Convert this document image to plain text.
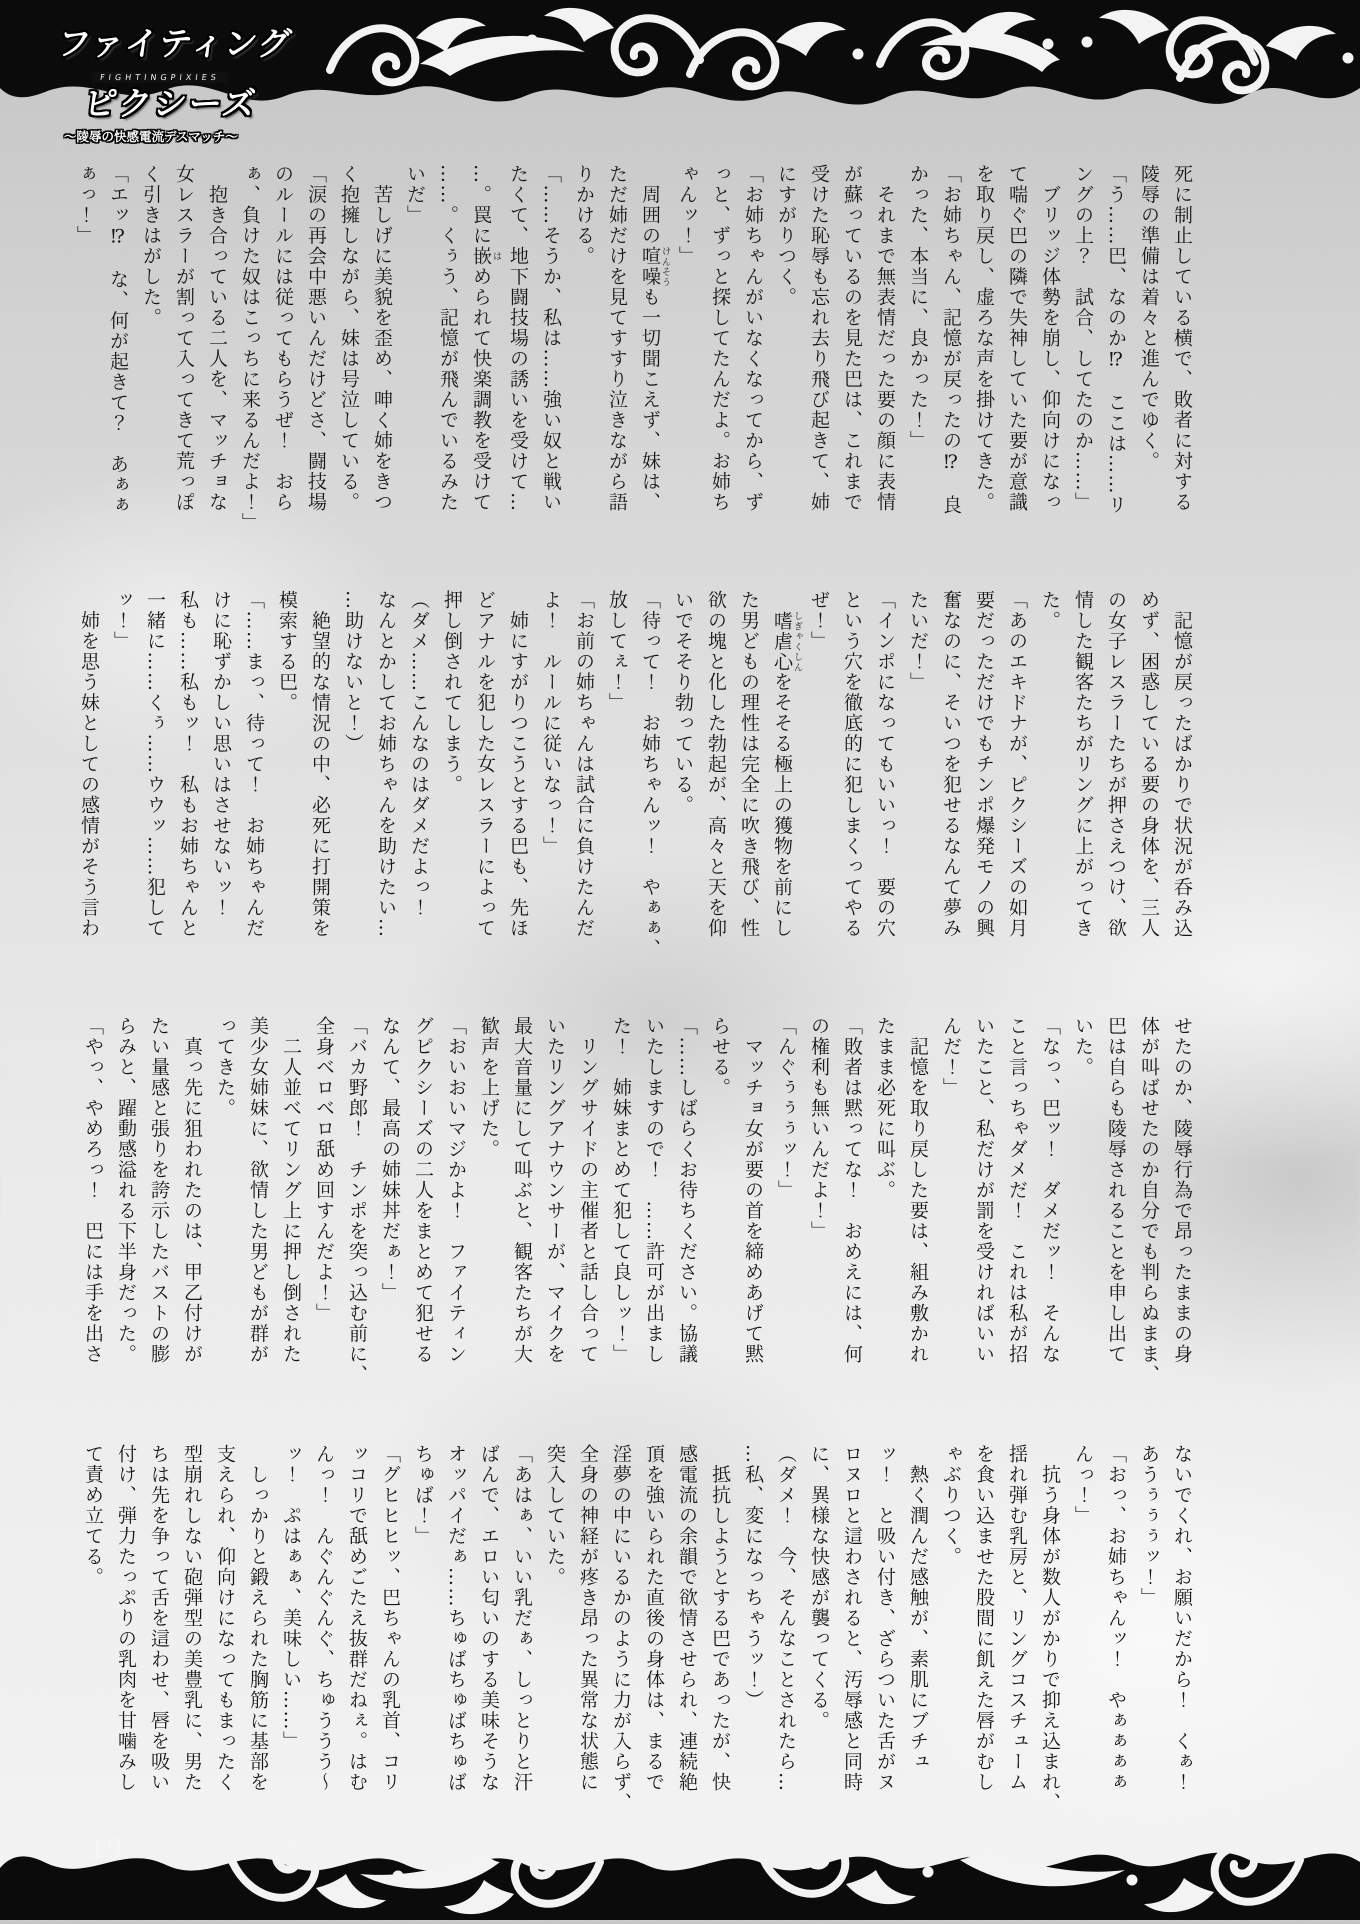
ファイティング
FIGHTINGPIXIES
ピクシーズ
～陵辱の快感電流デスマッチ～
死に制止している横で、敗者に対する
陵辱の準備は着々と進んでゆく。
「う……巴、なのか⁉　ここは……リ
ングの上？　試合、してたのか……」
　ブリッジ体勢を崩し、仰向けになっ
て喘ぐ巴の隣で失神していた要が意識
を取り戻し、虚ろな声を掛けてきた。
「お姉ちゃん、記憶が戻ったの⁉　良
かった、本当に、良かった！」
　それまで無表情だった要の顔に表情
が蘇っているのを見た巴は、これまで
受けた恥辱も忘れ去り飛び起きて、姉
にすがりつく。
「お姉ちゃんがいなくなってから、ず
っと、ずっと探してたんだよ。お姉ち
ゃんッ！」
　周囲の喧噪 けんそうも一切聞こえず、妹は、
ただ姉だけを見てすすり泣きながら語
りかける。
「……そうか、私は……強い奴と戦い
たくて、地下闘技場の誘いを受けて…
…。罠に嵌 はめられて快楽調教を受けて
……。くぅう、記憶が飛んでいるみた
いだ」
　苦しげに美貌を歪め、呻く姉をきつ
く抱擁しながら、妹は号泣している。
「涙の再会中悪いんだけどさ、闘技場
のルールには従ってもらうぜ！　おら
ぁ、負けた奴はこっちに来るんだよ！」
　抱き合っている二人を、マッチョな
女レスラーが割って入ってきて荒っぽ
く引きはがした。
「エッ⁉　な、何が起きて？　あぁぁ
ぁっ！」
　記憶が戻ったばかりで状況が呑み込
めず、困惑している要の身体を、三人
の女子レスラーたちが押さえつけ、欲
情した観客たちがリングに上がってき
た。
「あのエキドナが、ピクシーズの如月
要だっただけでもチンポ爆発モノの興
奮なのに、そいつを犯せるなんて夢み
たいだ！」
「インポになってもいいっ！　要の穴
という穴を徹底的に犯しまくってやる
ぜ！」
　嗜虐心 しぎゃくしんをそそる極上の獲物を前にし
た男どもの理性は完全に吹き飛び、性
欲の塊と化した勃起が、高々と天を仰
いでそそり勃っている。
「待って！　お姉ちゃんッ！　やぁぁ、
放してぇ！」
「お前の姉ちゃんは試合に負けたんだ
よ！　ルールに従いなっ！」
　姉にすがりつこうとする巴も、先ほ
どアナルを犯した女レスラーによって
押し倒されてしまう。
（ダメ……こんなのはダメだよっ！
なんとかしてお姉ちゃんを助けたい…
…助けないと！）
　絶望的な情況の中、必死に打開策を
模索する巴。
「……まっ、待って！　お姉ちゃんだ
けに恥ずかしい思いはさせないッ！
私も……私もッ！　私もお姉ちゃんと
一緒に……くぅ……ウウッ……犯して
ッ！」
　姉を思う妹としての感情がそう言わ
せたのか、陵辱行為で昂ったままの身
体が叫ばせたのか自分でも判らぬまま、
巴は自らも陵辱されることを申し出て
いた。
「なっ、巴ッ！　ダメだッ！　そんな
こと言っちゃダメだ！　これは私が招
いたこと、私だけが罰を受ければいい
んだ！」
　記憶を取り戻した要は、組み敷かれ
たまま必死に叫ぶ。
「敗者は黙ってな！　おめえには、何
の権利も無いんだよ！」
「んぐぅぅぅッ！」
　マッチョ女が要の首を締めあげて黙
らせる。
「……しばらくお待ちください。協議
いたしますので！　……許可が出まし
た！　姉妹まとめて犯して良しッ！」
　リングサイドの主催者と話し合って
いたリングアナウンサーが、マイクを
最大音量にして叫ぶと、観客たちが大
歓声を上げた。
「おいおいマジかよ！　ファイティン
グピクシーズの二人をまとめて犯せる
なんて、最高の姉妹丼だぁ！」
「バカ野郎！　チンポを突っ込む前に、
全身ベロベロ舐め回すんだよ！」
　二人並べてリング上に押し倒された
美少女姉妹に、欲情した男どもが群が
ってきた。
　真っ先に狙われたのは、甲乙付けが
たい量感と張りを誇示したバストの膨
らみと、躍動感溢れる下半身だった。
「やっ、やめろっ！　巴には手を出さ
ないでくれ、お願いだから！　くぁ！
あうぅぅぅッ！」
「おっ、お姉ちゃんッ！　やぁぁぁぁ
んっ！」
　抗う身体が数人がかりで抑え込まれ、
揺れ弾む乳房と、リングコスチューム
を食い込ませた股間に飢えた唇がむし
ゃぶりつく。
　熱く潤んだ感触が、素肌にブチュ
ッ！　と吸い付き、ざらついた舌がヌ
ロヌロと這わされると、汚辱感と同時
に、異様な快感が襲ってくる。
（ダメ！　今、そんなことされたら…
…私、変になっちゃうッ！）
　抵抗しようとする巴であったが、快
感電流の余韻で欲情させられ、連続絶
頂を強いられた直後の身体は、まるで
淫夢の中にいるかのように力が入らず、
全身の神経が疼き昂った異常な状態に
突入していた。
「あはぁ、いい乳だぁ、しっとりと汗
ばんで、エロい匂いのする美味そうな
オッパイだぁ……ちゅばちゅばちゅば
ちゅば！」
「グヒヒヒッ、巴ちゃんの乳首、コリ
ッコリで舐めごたえ抜群だねぇ。はむ
んっ！　んぐんぐんぐ、ちゅううう～
ッ！　ぷはぁぁ、美味しい……」
　しっかりと鍛えられた胸筋に基部を
支えられ、仰向けになってもまったく
型崩れしない砲弾型の美豊乳に、男た
ちは先を争って舌を這わせ、唇を吸い
付け、弾力たっぷりの乳肉を甘噛みし
て責め立てる。
19
